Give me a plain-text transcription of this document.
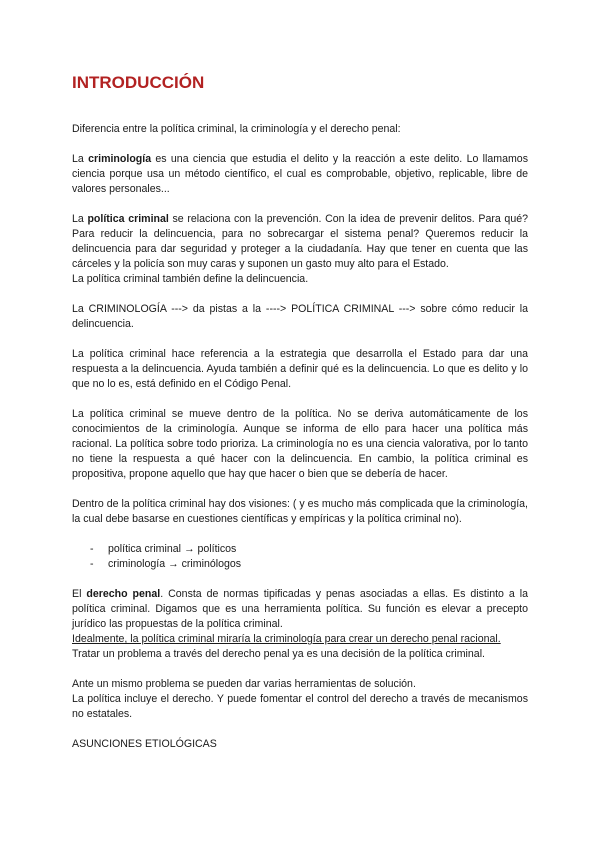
INTRODUCCIÓN

Diferencia entre la política criminal, la criminología y el derecho penal:

La criminología es una ciencia que estudia el delito y la reacción a este delito. Lo llamamos ciencia porque usa un método científico, el cual es comprobable, objetivo, replicable, libre de valores personales...

La política criminal se relaciona con la prevención. Con la idea de prevenir delitos. Para qué? Para reducir la delincuencia, para no sobrecargar el sistema penal? Queremos reducir la delincuencia para dar seguridad y proteger a la ciudadanía. Hay que tener en cuenta que las cárceles y la policía son muy caras y suponen un gasto muy alto para el Estado.

La política criminal también define la delincuencia.

La CRIMINOLOGÍA ---> da pistas a la ----> POLÍTICA CRIMINAL ---> sobre cómo reducir la delincuencia.

La política criminal hace referencia a la estrategia que desarrolla el Estado para dar una respuesta a la delincuencia. Ayuda también a definir qué es la delincuencia. Lo que es delito y lo que no lo es, está definido en el Código Penal.

La política criminal se mueve dentro de la política. No se deriva automáticamente de los conocimientos de la criminología. Aunque se informa de ello para hacer una política más racional. La política sobre todo prioriza. La criminología no es una ciencia valorativa, por lo tanto no tiene la respuesta a qué hacer con la delincuencia. En cambio, la política criminal es propositiva, propone aquello que hay que hacer o bien que se debería de hacer.

Dentro de la política criminal hay dos visiones: ( y es mucho más complicada que la criminología, la cual debe basarse en cuestiones científicas y empíricas y la política criminal no).

- política criminal → políticos
- criminología → criminólogos

El derecho penal. Consta de normas tipificadas y penas asociadas a ellas. Es distinto a la política criminal. Digamos que es una herramienta política. Su función es elevar a precepto jurídico las propuestas de la política criminal.

Idealmente, la política criminal miraría la criminología para crear un derecho penal racional.

Tratar un problema a través del derecho penal ya es una decisión de la política criminal.

Ante un mismo problema se pueden dar varias herramientas de solución.

La política incluye el derecho. Y puede fomentar el control del derecho a través de mecanismos no estatales.

ASUNCIONES ETIOLÓGICAS
